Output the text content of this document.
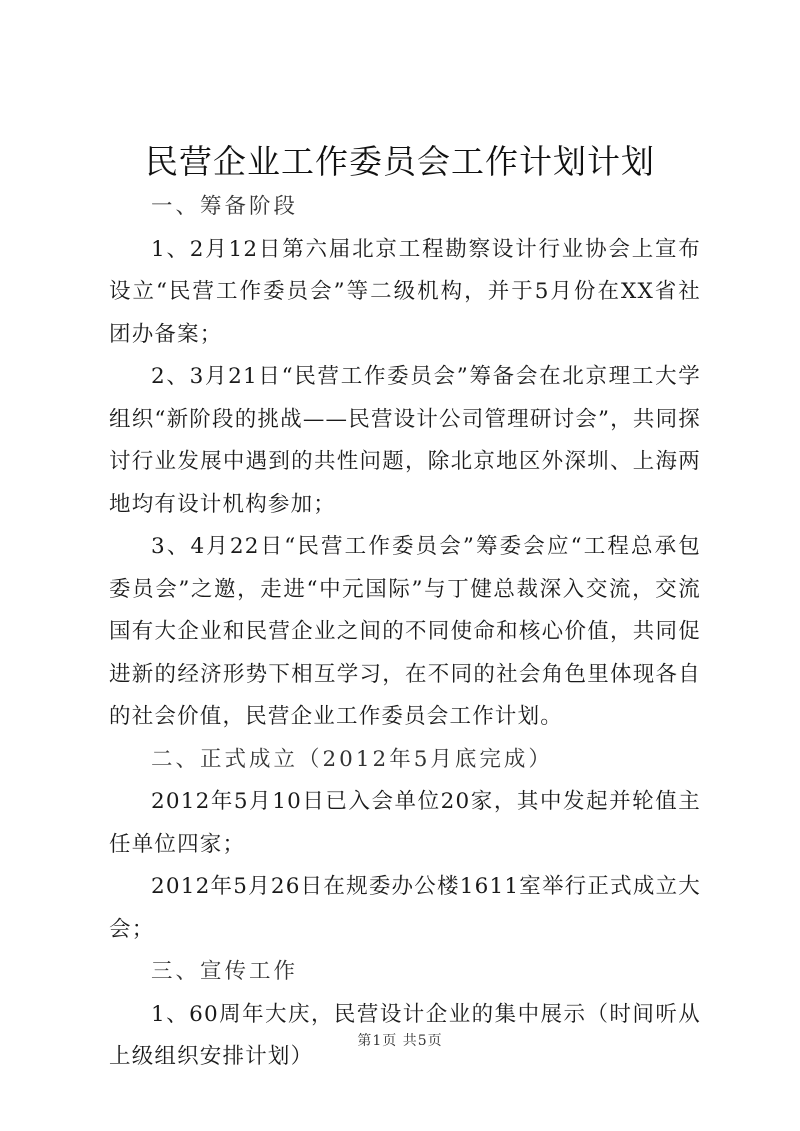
民营企业工作委员会工作计划计划

一、筹备阶段

1、2月12日第六届北京工程勘察设计行业协会上宣布设立“民营工作委员会”等二级机构，并于5月份在XX省社团办备案；

2、3月21日“民营工作委员会”筹备会在北京理工大学组织“新阶段的挑战——民营设计公司管理研讨会”，共同探讨行业发展中遇到的共性问题，除北京地区外深圳、上海两地均有设计机构参加；

3、4月22日“民营工作委员会”筹委会应“工程总承包委员会”之邀，走进“中元国际”与丁健总裁深入交流，交流国有大企业和民营企业之间的不同使命和核心价值，共同促进新的经济形势下相互学习，在不同的社会角色里体现各自的社会价值，民营企业工作委员会工作计划。

二、正式成立（2012年5月底完成）

2012年5月10日已入会单位20家，其中发起并轮值主任单位四家；

2012年5月26日在规委办公楼1611室举行正式成立大会；

三、宣传工作

1、60周年大庆，民营设计企业的集中展示（时间听从上级组织安排计划）

第1页 共5页
